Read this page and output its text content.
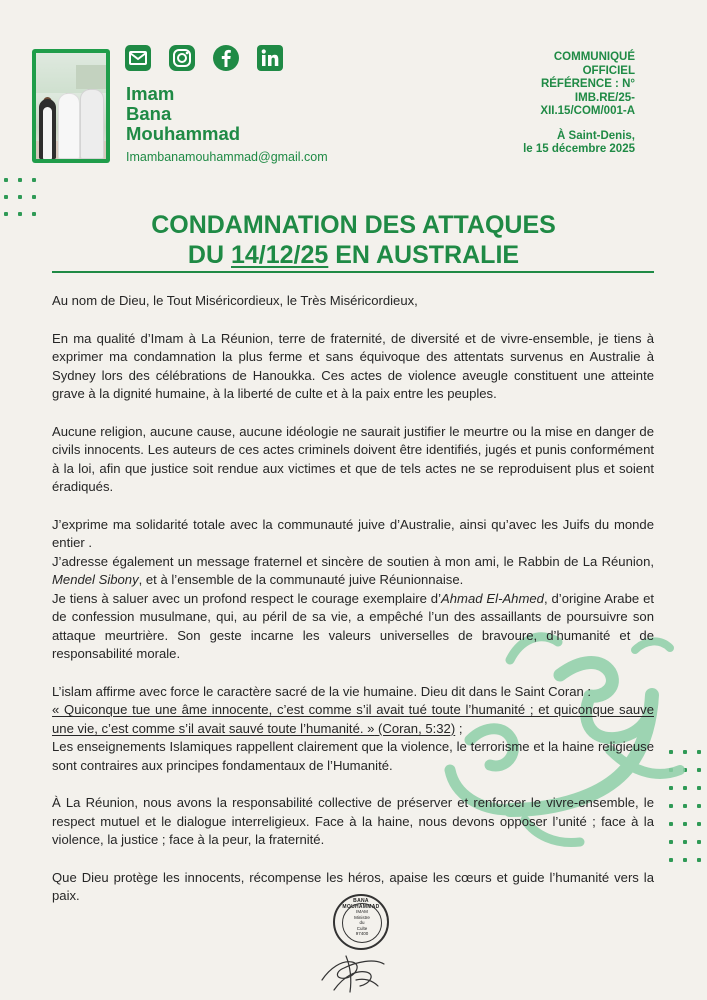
Imam
Bana
Mouhammad
Imambanamouhammad@gmail.com
COMMUNIQUÉ
OFFICIEL
RÉFÉRENCE : N°
IMB.RE/25-
XII.15/COM/001-A
À Saint-Denis,
le 15 décembre 2025
CONDAMNATION DES ATTAQUES
DU 14/12/25 EN AUSTRALIE

Au nom de Dieu, le Tout Miséricordieux, le Très Miséricordieux,

En ma qualité d’Imam à La Réunion, terre de fraternité, de diversité et de vivre-ensemble, je tiens à exprimer ma condamnation la plus ferme et sans équivoque des attentats survenus en Australie à Sydney lors des célébrations de Hanoukka. Ces actes de violence aveugle constituent une atteinte grave à la dignité humaine, à la liberté de culte et à la paix entre les peuples.

Aucune religion, aucune cause, aucune idéologie ne saurait justifier le meurtre ou la mise en danger de civils innocents. Les auteurs de ces actes criminels doivent être identifiés, jugés et punis conformément à la loi, afin que justice soit rendue aux victimes et que de tels actes ne se reproduisent plus et soient éradiqués.

J’exprime ma solidarité totale avec la communauté juive d’Australie, ainsi qu’avec les Juifs du monde entier .
J’adresse également un message fraternel et sincère de soutien à mon ami, le Rabbin de La Réunion, Mendel Sibony, et à l’ensemble de la communauté juive Réunionnaise.
Je tiens à saluer avec un profond respect le courage exemplaire d’Ahmad El-Ahmed, d’origine Arabe et de confession musulmane, qui, au péril de sa vie, a empêché l’un des assaillants de poursuivre son attaque meurtrière. Son geste incarne les valeurs universelles de bravoure, d’humanité et de responsabilité morale.

L’islam affirme avec force le caractère sacré de la vie humaine. Dieu dit dans le Saint Coran :
« Quiconque tue une âme innocente, c’est comme s’il avait tué toute l’humanité ; et quiconque sauve une vie, c’est comme s’il avait sauvé toute l’humanité. » (Coran, 5:32) ;
Les enseignements Islamiques rappellent clairement que la violence, le terrorisme et la haine religieuse sont contraires aux principes fondamentaux de l’Humanité.

À La Réunion, nous avons la responsabilité collective de préserver et renforcer le vivre-ensemble, le respect mutuel et le dialogue interreligieux. Face à la haine, nous devons opposer l’unité ; face à la violence, la justice ; face à la peur, la fraternité.

Que Dieu protège les innocents, récompense les héros, apaise les cœurs et guide l’humanité vers la paix.	BANA MOUHAMMAD
IMAM
Ministre
du
Culte
97400
